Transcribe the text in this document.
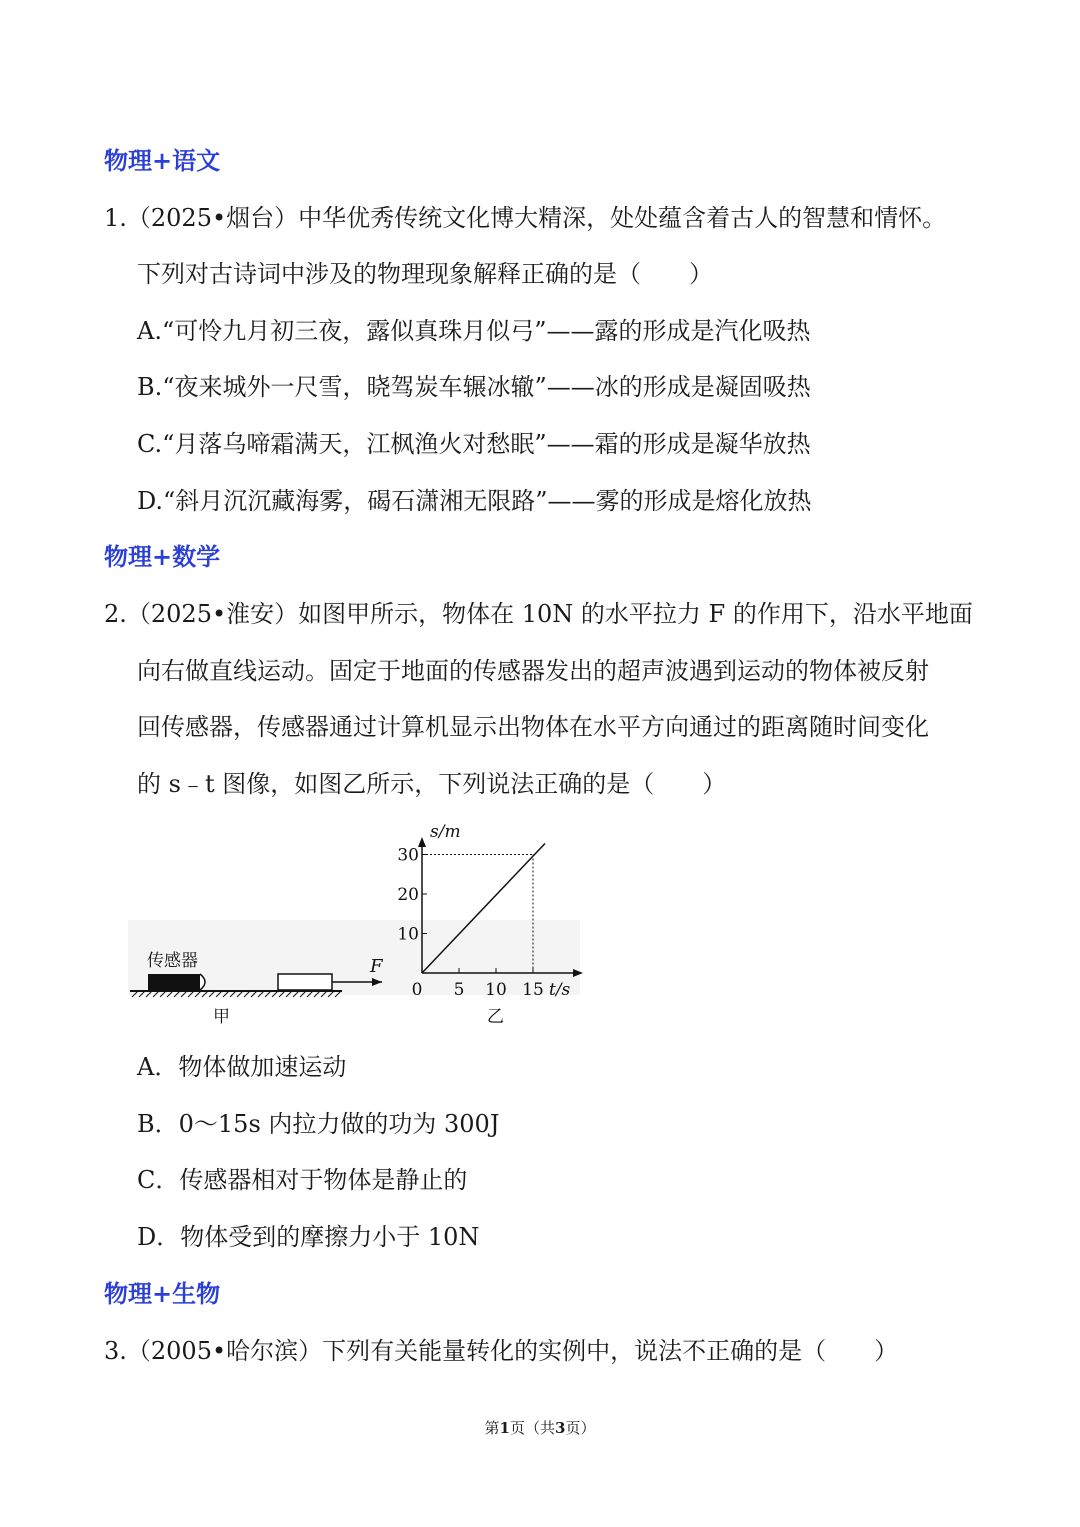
物理+语文
1.（2025•烟台）中华优秀传统文化博大精深，处处蕴含着古人的智慧和情怀。
下列对古诗词中涉及的物理现象解释正确的是（　　）
A.“可怜九月初三夜，露似真珠月似弓”——露的形成是汽化吸热
B.“夜来城外一尺雪，晓驾炭车辗冰辙”——冰的形成是凝固吸热
C.“月落乌啼霜满天，江枫渔火对愁眠”——霜的形成是凝华放热
D.“斜月沉沉藏海雾，碣石潇湘无限路”——雾的形成是熔化放热
物理+数学
2.（2025•淮安）如图甲所示，物体在 10N 的水平拉力 F 的作用下，沿水平地面
向右做直线运动。固定于地面的传感器发出的超声波遇到运动的物体被反射
回传感器，传感器通过计算机显示出物体在水平方向通过的距离随时间变化
的 s﹣t 图像，如图乙所示，下列说法正确的是（　　）
传感器	F
甲
s/m
t/s
0 5 10 15
10
20
30
乙
A．物体做加速运动
B．0～15s 内拉力做的功为 300J
C．传感器相对于物体是静止的
D．物体受到的摩擦力小于 10N
物理+生物
3.（2005•哈尔滨）下列有关能量转化的实例中，说法不正确的是（　　）
第1页（共3页）
